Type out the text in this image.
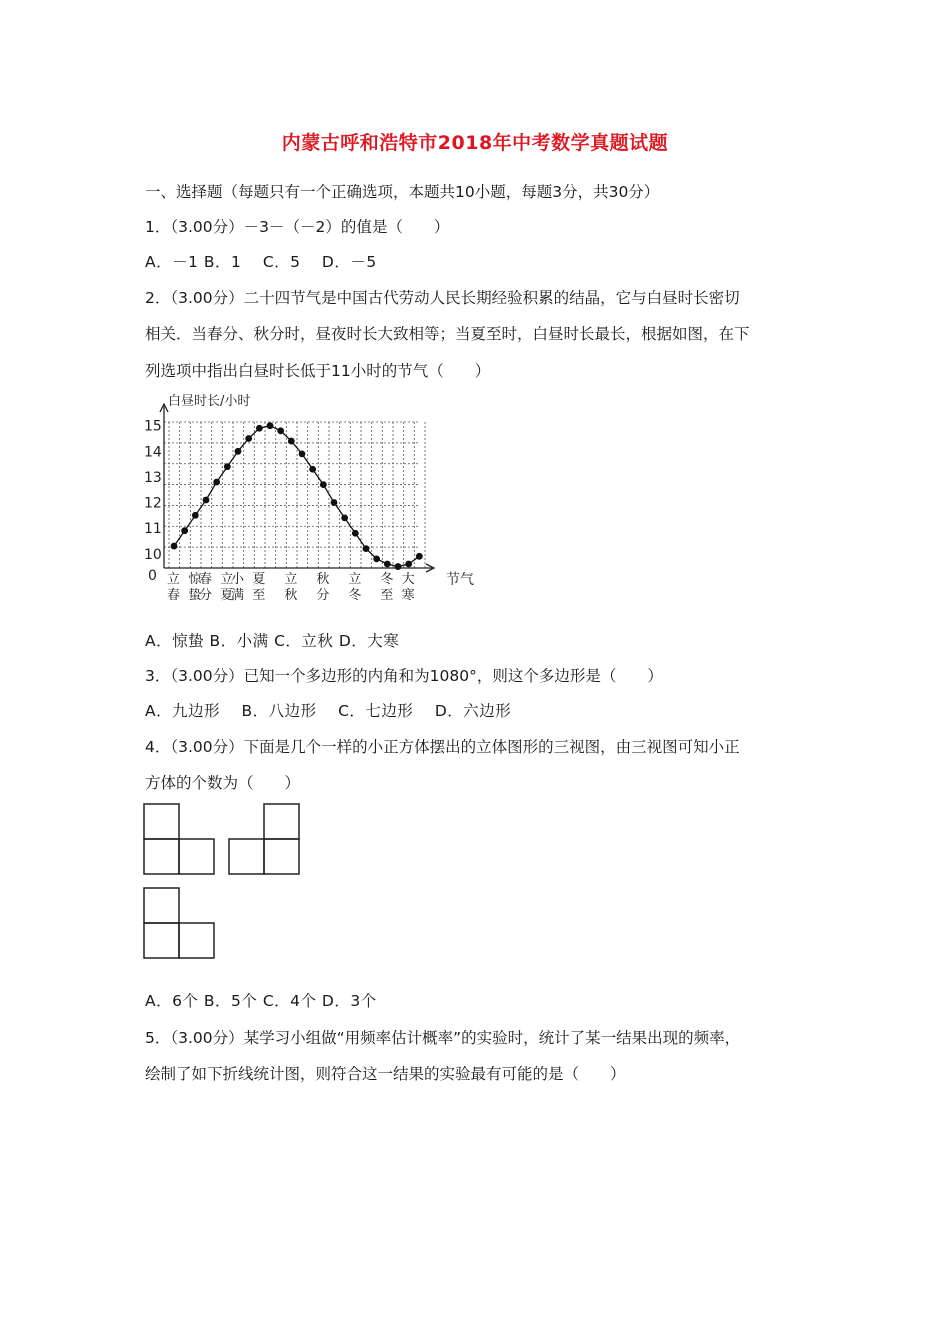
内蒙古呼和浩特市2018年中考数学真题试题
一、选择题（每题只有一个正确选项，本题共10小题，每题3分，共30分）
1．（3.00分）－3－（－2）的值是（　　）
A．－1 B．1 　C．5 　D．－5
2．（3.00分）二十四节气是中国古代劳动人民长期经验积累的结晶，它与白昼时长密切
相关．当春分、秋分时，昼夜时长大致相等；当夏至时，白昼时长最长，根据如图，在下
列选项中指出白昼时长低于11小时的节气（　　）
白昼时长/小时
0	节气
10
11
12
13
14
15
立
春
惊
蛰
春
分
立
夏
小
满
夏
至
立
秋
秋
分
立
冬
冬
至
大
寒
A．惊蛰 B．小满 C．立秋 D．大寒
3．（3.00分）已知一个多边形的内角和为1080°，则这个多边形是（　　）
A．九边形　 B．八边形　 C．七边形　 D．六边形
4．（3.00分）下面是几个一样的小正方体摆出的立体图形的三视图，由三视图可知小正
方体的个数为（　　）
A．6个 B．5个 C．4个 D．3个
5．（3.00分）某学习小组做“用频率估计概率”的实验时，统计了某一结果出现的频率，
绘制了如下折线统计图，则符合这一结果的实验最有可能的是（　　）
